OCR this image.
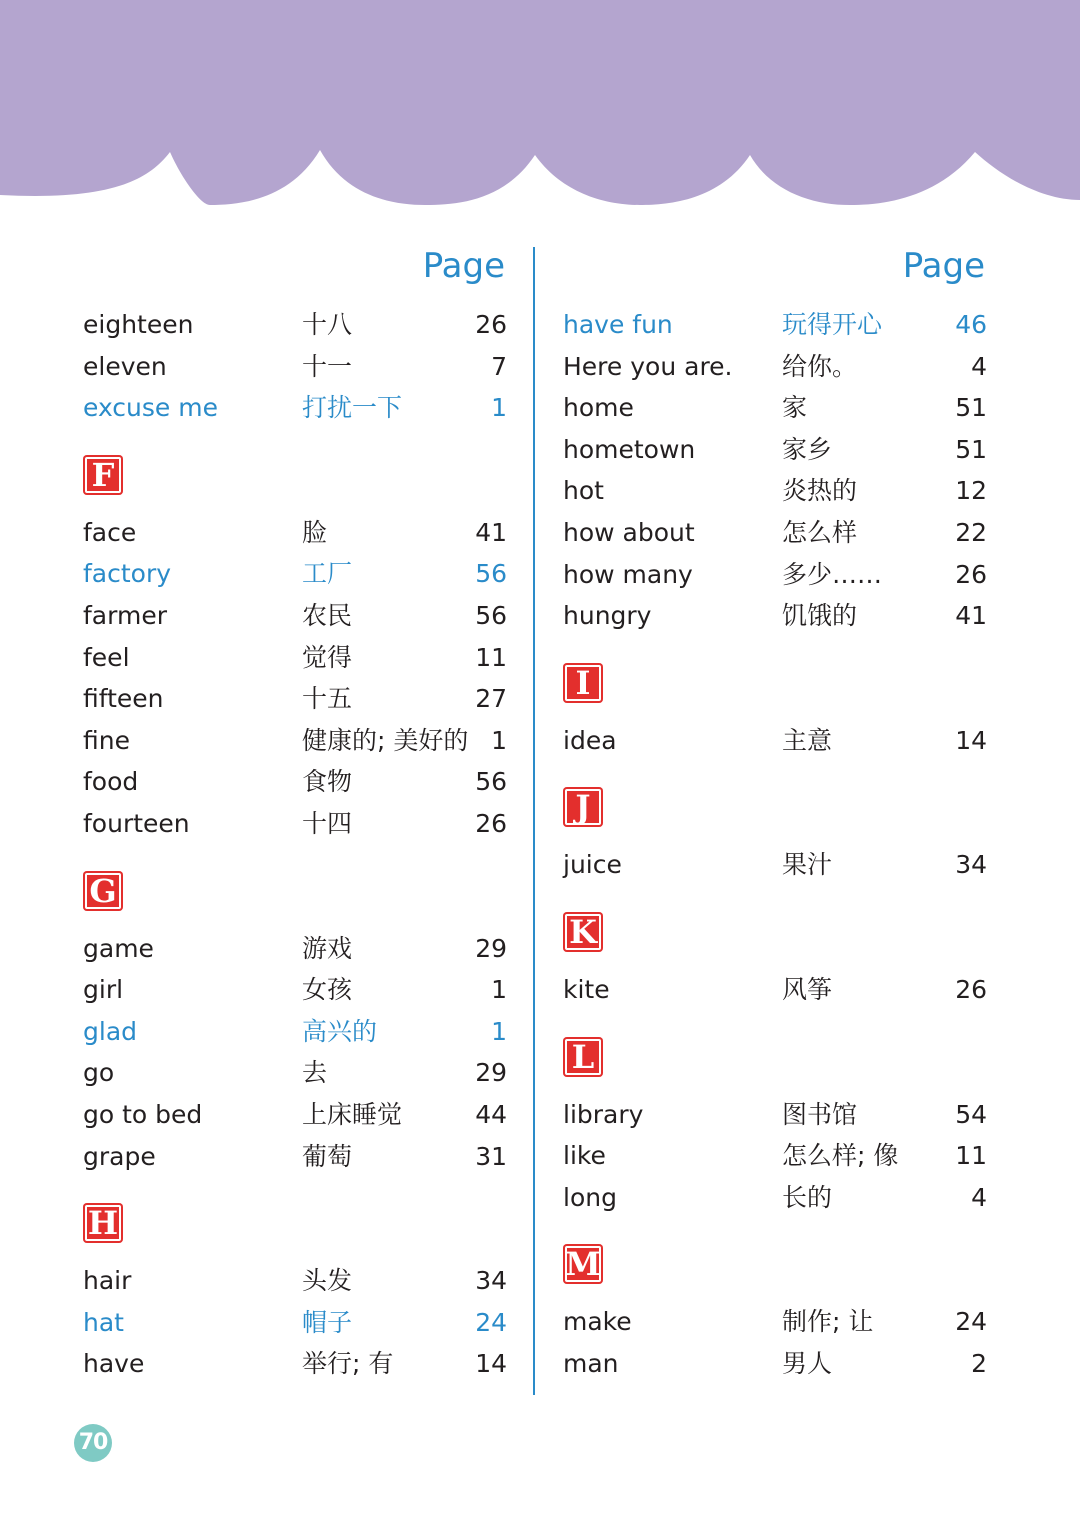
Page
eighteen	十八	26
eleven	十一	7
excuse me	打扰一下	1
F
face	脸	41
factory	工厂	56
farmer	农民	56
feel	觉得	11
fifteen	十五	27
fine	健康的; 美好的 1
food	食物	56
fourteen	十四	26
G
game	游戏	29
girl	女孩	1
glad	高兴的	1
go	去	29
go to bed	上床睡觉	44
grape	葡萄	31
H
hair	头发	34
hat	帽子	24
have	举行; 有	14
Page
have fun	玩得开心	46
Here you are. 给你。	4
home	家	51
hometown	家乡	51
hot	炎热的	12
how about	怎么样	22
how many	多少……	26
hungry	饥饿的	41
I
idea	主意	14
J
juice	果汁	34
K
kite	风筝	26
L
library	图书馆	54
like	怎么样; 像	11
long	长的	4
M
make	制作; 让	24
man	男人	2
70
